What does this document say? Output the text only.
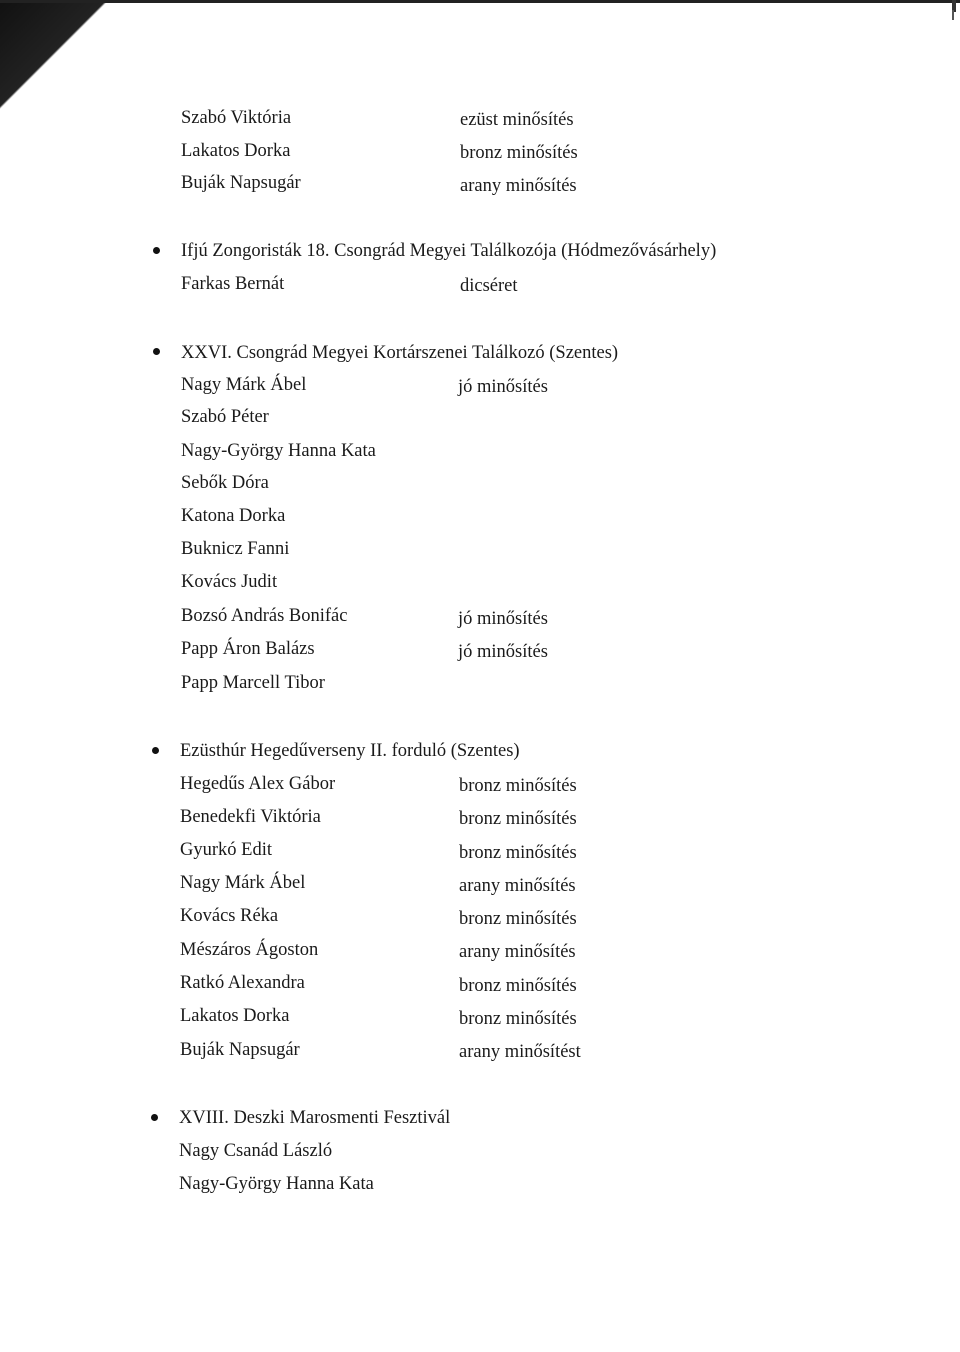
Szabó Viktória	ezüst minősítés
Lakatos Dorka	bronz minősítés
Buják Napsugár	arany minősítés
Ifjú Zongoristák 18. Csongrád Megyei Találkozója (Hódmezővásárhely)
Farkas Bernát	dicséret
XXVI. Csongrád Megyei Kortárszenei Találkozó (Szentes)
Nagy Márk Ábel	jó minősítés
Szabó Péter
Nagy-György Hanna Kata
Sebők Dóra
Katona Dorka
Buknicz Fanni
Kovács Judit
Bozsó András Bonifác	jó minősítés
Papp Áron Balázs	jó minősítés
Papp Marcell Tibor
Ezüsthúr Hegedűverseny II. forduló (Szentes)
Hegedűs Alex Gábor	bronz minősítés
Benedekfi Viktória	bronz minősítés
Gyurkó Edit	bronz minősítés
Nagy Márk Ábel	arany minősítés
Kovács Réka	bronz minősítés
Mészáros Ágoston	arany minősítés
Ratkó Alexandra	bronz minősítés
Lakatos Dorka	bronz minősítés
Buják Napsugár	arany minősítést
XVIII. Deszki Marosmenti Fesztivál
Nagy Csanád László
Nagy-György Hanna Kata
